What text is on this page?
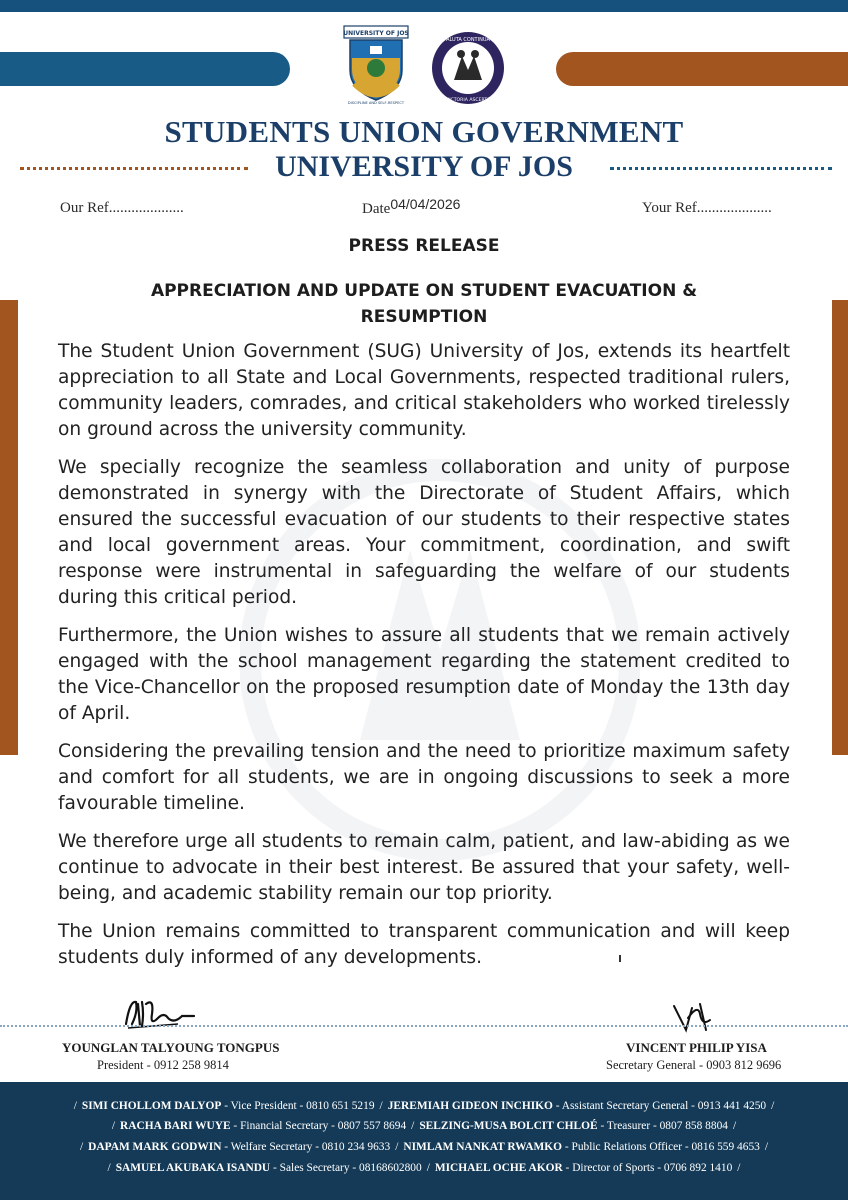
UNIVERSITY OF JOS
DISCIPLINE AND SELF-RESPECT
ALUTA CONTINUA
VICTORIA ASCERTA
STUDENTS UNION GOVERNMENT
UNIVERSITY OF JOS
Our Ref....................	Date04/04/2026	Your Ref....................
PRESS RELEASE
APPRECIATION AND UPDATE ON STUDENT EVACUATION & RESUMPTION

The Student Union Government (SUG) University of Jos, extends its heartfelt appreciation to all State and Local Governments, respected traditional rulers, community leaders, comrades, and critical stakeholders who worked tirelessly on ground across the university community.

We specially recognize the seamless collaboration and unity of purpose demonstrated in synergy with the Directorate of Student Affairs, which ensured the successful evacuation of our students to their respective states and local government areas. Your commitment, coordination, and swift response were instrumental in safeguarding the welfare of our students during this critical period.

Furthermore, the Union wishes to assure all students that we remain actively engaged with the school management regarding the statement credited to the Vice-Chancellor on the proposed resumption date of Monday the 13th day of April.

Considering the prevailing tension and the need to prioritize maximum safety and comfort for all students, we are in ongoing discussions to seek a more favourable timeline.

We therefore urge all students to remain calm, patient, and law-abiding as we continue to advocate in their best interest. Be assured that your safety, well-being, and academic stability remain our top priority.

The Union remains committed to transparent communication and will keep students duly informed of any developments.

YOUNGLAN TALYOUNG TONGPUS
President - 0912 258 9814
VINCENT PHILIP YISA
Secretary General - 0903 812 9696
/ SIMI CHOLLOM DALYOP - Vice President - 0810 651 5219 / JEREMIAH GIDEON INCHIKO - Assistant Secretary General - 0913 441 4250 /
/ RACHA BARI WUYE - Financial Secretary - 0807 557 8694 / SELZING-MUSA BOLCIT CHLOÉ - Treasurer - 0807 858 8804 /
/ DAPAM MARK GODWIN - Welfare Secretary - 0810 234 9633 / NIMLAM NANKAT RWAMKO - Public Relations Officer - 0816 559 4653 /
/ SAMUEL AKUBAKA ISANDU - Sales Secretary - 08168602800 / MICHAEL OCHE AKOR - Director of Sports - 0706 892 1410 /
